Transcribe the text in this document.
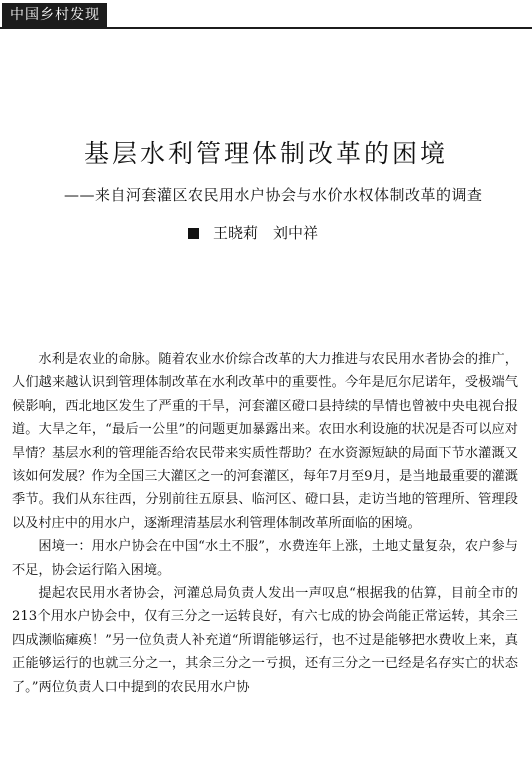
中国乡村发现
基层水利管理体制改革的困境
——来自河套灌区农民用水户协会与水价水权体制改革的调查
王晓莉　刘中祥

水利是农业的命脉。随着农业水价综合改革的大力推进与农民用水者协会的推广，人们越来越认识到管理体制改革在水利改革中的重要性。今年是厄尔尼诺年，受极端气候影响，西北地区发生了严重的干旱，河套灌区磴口县持续的旱情也曾被中央电视台报道。大旱之年，“最后一公里”的问题更加暴露出来。农田水利设施的状况是否可以应对旱情？基层水利的管理能否给农民带来实质性帮助？在水资源短缺的局面下节水灌溉又该如何发展？作为全国三大灌区之一的河套灌区，每年7月至9月，是当地最重要的灌溉季节。我们从东往西，分别前往五原县、临河区、磴口县，走访当地的管理所、管理段以及村庄中的用水户，逐渐理清基层水利管理体制改革所面临的困境。

困境一：用水户协会在中国“水土不服”，水费连年上涨，土地丈量复杂，农户参与不足，协会运行陷入困境。

提起农民用水者协会，河灌总局负责人发出一声叹息“根据我的估算，目前全市的213个用水户协会中，仅有三分之一运转良好，有六七成的协会尚能正常运转，其余三四成濒临瘫痪！”另一位负责人补充道“所谓能够运行，也不过是能够把水费收上来，真正能够运行的也就三分之一，其余三分之一亏损，还有三分之一已经是名存实亡的状态了。”两位负责人口中提到的农民用水户协
